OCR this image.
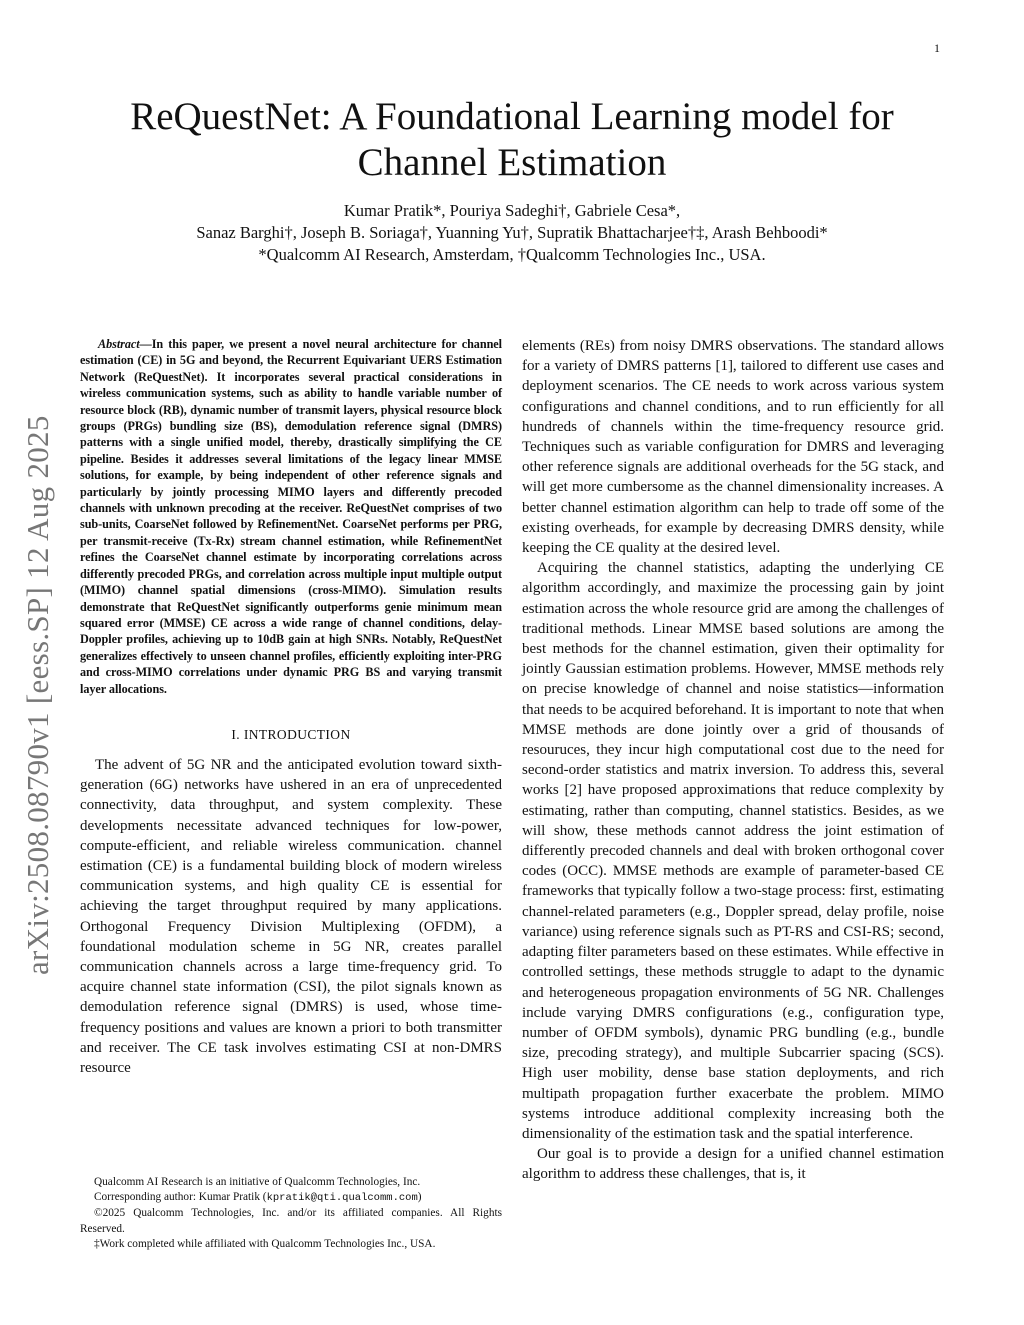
1
arXiv:2508.08790v1 [eess.SP] 12 Aug 2025
ReQuestNet: A Foundational Learning model for Channel Estimation
Kumar Pratik*, Pouriya Sadeghi†, Gabriele Cesa*,
Sanaz Barghi†, Joseph B. Soriaga†, Yuanning Yu†, Supratik Bhattacharjee†‡, Arash Behboodi*
*Qualcomm AI Research, Amsterdam, †Qualcomm Technologies Inc., USA.

Abstract—In this paper, we present a novel neural architecture for channel estimation (CE) in 5G and beyond, the Recurrent Equivariant UERS Estimation Network (ReQuestNet). It incorporates several practical considerations in wireless communication systems, such as ability to handle variable number of resource block (RB), dynamic number of transmit layers, physical resource block groups (PRGs) bundling size (BS), demodulation reference signal (DMRS) patterns with a single unified model, thereby, drastically simplifying the CE pipeline. Besides it addresses several limitations of the legacy linear MMSE solutions, for example, by being independent of other reference signals and particularly by jointly processing MIMO layers and differently precoded channels with unknown precoding at the receiver. ReQuestNet comprises of two sub-units, CoarseNet followed by RefinementNet. CoarseNet performs per PRG, per transmit-receive (Tx-Rx) stream channel estimation, while RefinementNet refines the CoarseNet channel estimate by incorporating correlations across differently precoded PRGs, and correlation across multiple input multiple output (MIMO) channel spatial dimensions (cross-MIMO). Simulation results demonstrate that ReQuestNet significantly outperforms genie minimum mean squared error (MMSE) CE across a wide range of channel conditions, delay-Doppler profiles, achieving up to 10dB gain at high SNRs. Notably, ReQuestNet generalizes effectively to unseen channel profiles, efficiently exploiting inter-PRG and cross-MIMO correlations under dynamic PRG BS and varying transmit layer allocations.

I. INTRODUCTION

The advent of 5G NR and the anticipated evolution toward sixth-generation (6G) networks have ushered in an era of unprecedented connectivity, data throughput, and system complexity. These developments necessitate advanced techniques for low-power, compute-efficient, and reliable wireless communication. channel estimation (CE) is a fundamental building block of modern wireless communication systems, and high quality CE is essential for achieving the target throughput required by many applications. Orthogonal Frequency Division Multiplexing (OFDM), a foundational modulation scheme in 5G NR, creates parallel communication channels across a large time-frequency grid. To acquire channel state information (CSI), the pilot signals known as demodulation reference signal (DMRS) is used, whose time-frequency positions and values are known a priori to both transmitter and receiver. The CE task involves estimating CSI at non-DMRS resource

Qualcomm AI Research is an initiative of Qualcomm Technologies, Inc.

Corresponding author: Kumar Pratik (kpratik@qti.qualcomm.com)

©2025 Qualcomm Technologies, Inc. and/or its affiliated companies. All Rights Reserved.

‡Work completed while affiliated with Qualcomm Technologies Inc., USA.

elements (REs) from noisy DMRS observations. The standard allows for a variety of DMRS patterns [1], tailored to different use cases and deployment scenarios. The CE needs to work across various system configurations and channel conditions, and to run efficiently for all hundreds of channels within the time-frequency resource grid. Techniques such as variable configuration for DMRS and leveraging other reference signals are additional overheads for the 5G stack, and will get more cumbersome as the channel dimensionality increases. A better channel estimation algorithm can help to trade off some of the existing overheads, for example by decreasing DMRS density, while keeping the CE quality at the desired level.

Acquiring the channel statistics, adapting the underlying CE algorithm accordingly, and maximize the processing gain by joint estimation across the whole resource grid are among the challenges of traditional methods. Linear MMSE based solutions are among the best methods for the channel estimation, given their optimality for jointly Gaussian estimation problems. However, MMSE methods rely on precise knowledge of channel and noise statistics—information that needs to be acquired beforehand. It is important to note that when MMSE methods are done jointly over a grid of thousands of resouruces, they incur high computational cost due to the need for second-order statistics and matrix inversion. To address this, several works [2] have proposed approximations that reduce complexity by estimating, rather than computing, channel statistics. Besides, as we will show, these methods cannot address the joint estimation of differently precoded channels and deal with broken orthogonal cover codes (OCC). MMSE methods are example of parameter-based CE frameworks that typically follow a two-stage process: first, estimating channel-related parameters (e.g., Doppler spread, delay profile, noise variance) using reference signals such as PT-RS and CSI-RS; second, adapting filter parameters based on these estimates. While effective in controlled settings, these methods struggle to adapt to the dynamic and heterogeneous propagation environments of 5G NR. Challenges include varying DMRS configurations (e.g., configuration type, number of OFDM symbols), dynamic PRG bundling (e.g., bundle size, precoding strategy), and multiple Subcarrier spacing (SCS). High user mobility, dense base station deployments, and rich multipath propagation further exacerbate the problem. MIMO systems introduce additional complexity increasing both the dimensionality of the estimation task and the spatial interference.

Our goal is to provide a design for a unified channel estimation algorithm to address these challenges, that is, it
